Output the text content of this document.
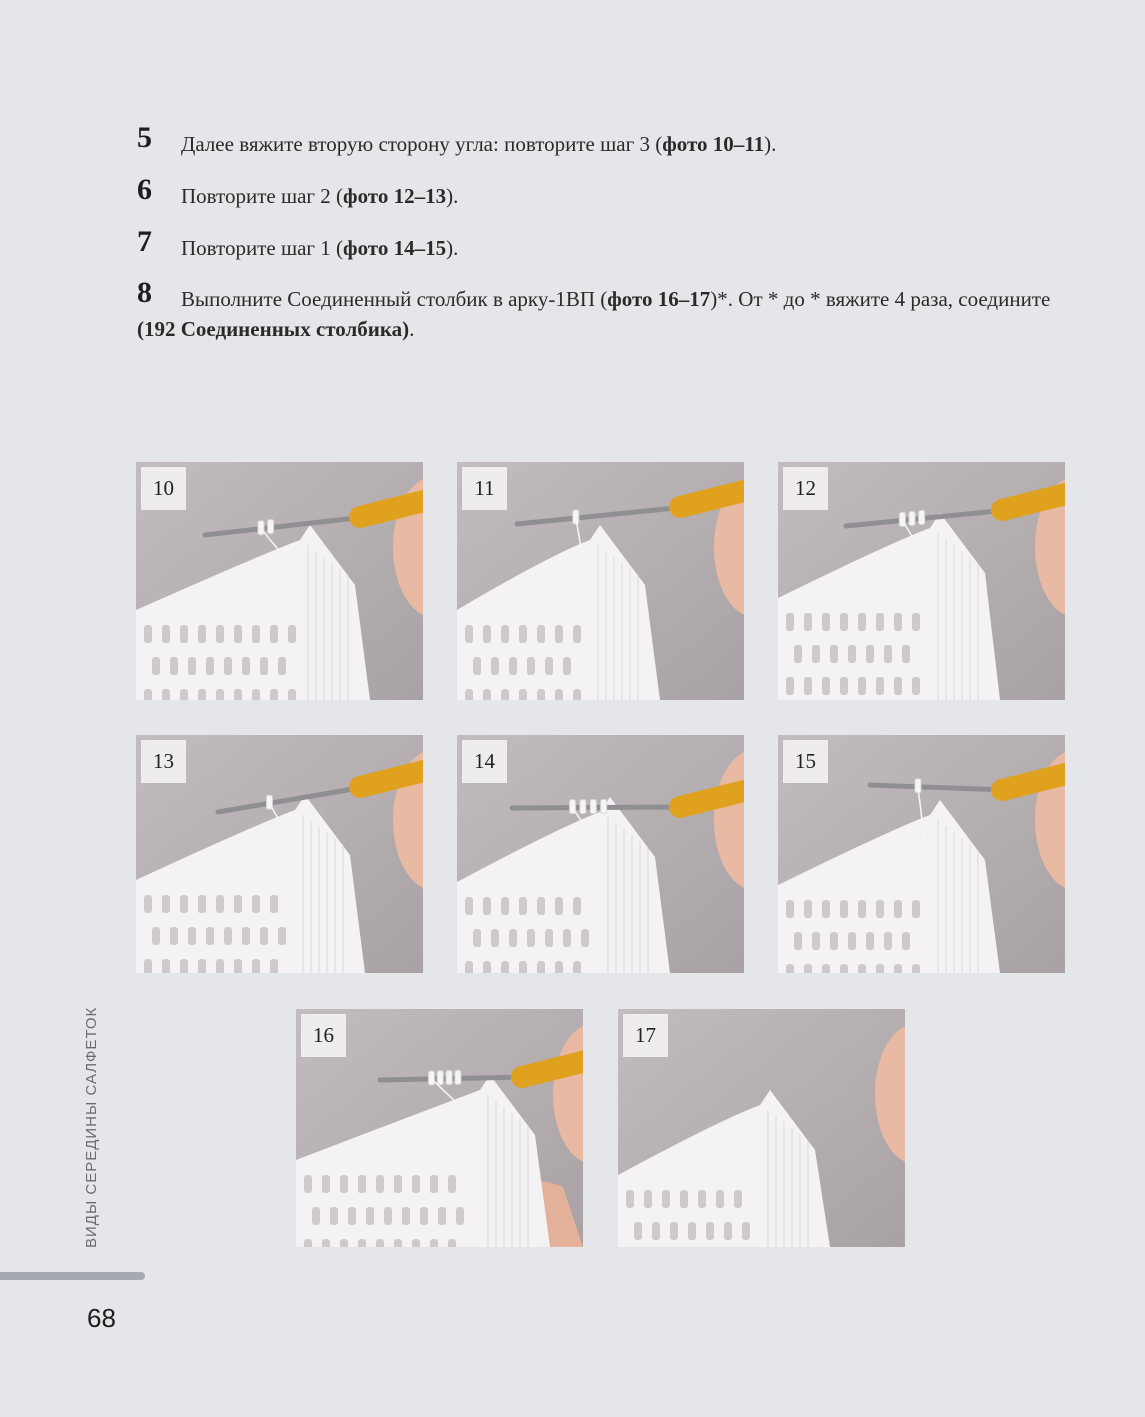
5	Далее вяжите вторую сторону угла: повторите шаг 3 (фото 10–11).
6	Повторите шаг 2 (фото 12–13).
7	Повторите шаг 1 (фото 14–15).
8	Выполните Соединенный столбик в арку-1ВП (фото 16–17)*. От * до * вяжите 4 раза, соедините
(192 Соединенных столбика).
10	11	12
13	14	15
16	17
ВИДЫ СЕРЕДИНЫ САЛФЕТОК
68
